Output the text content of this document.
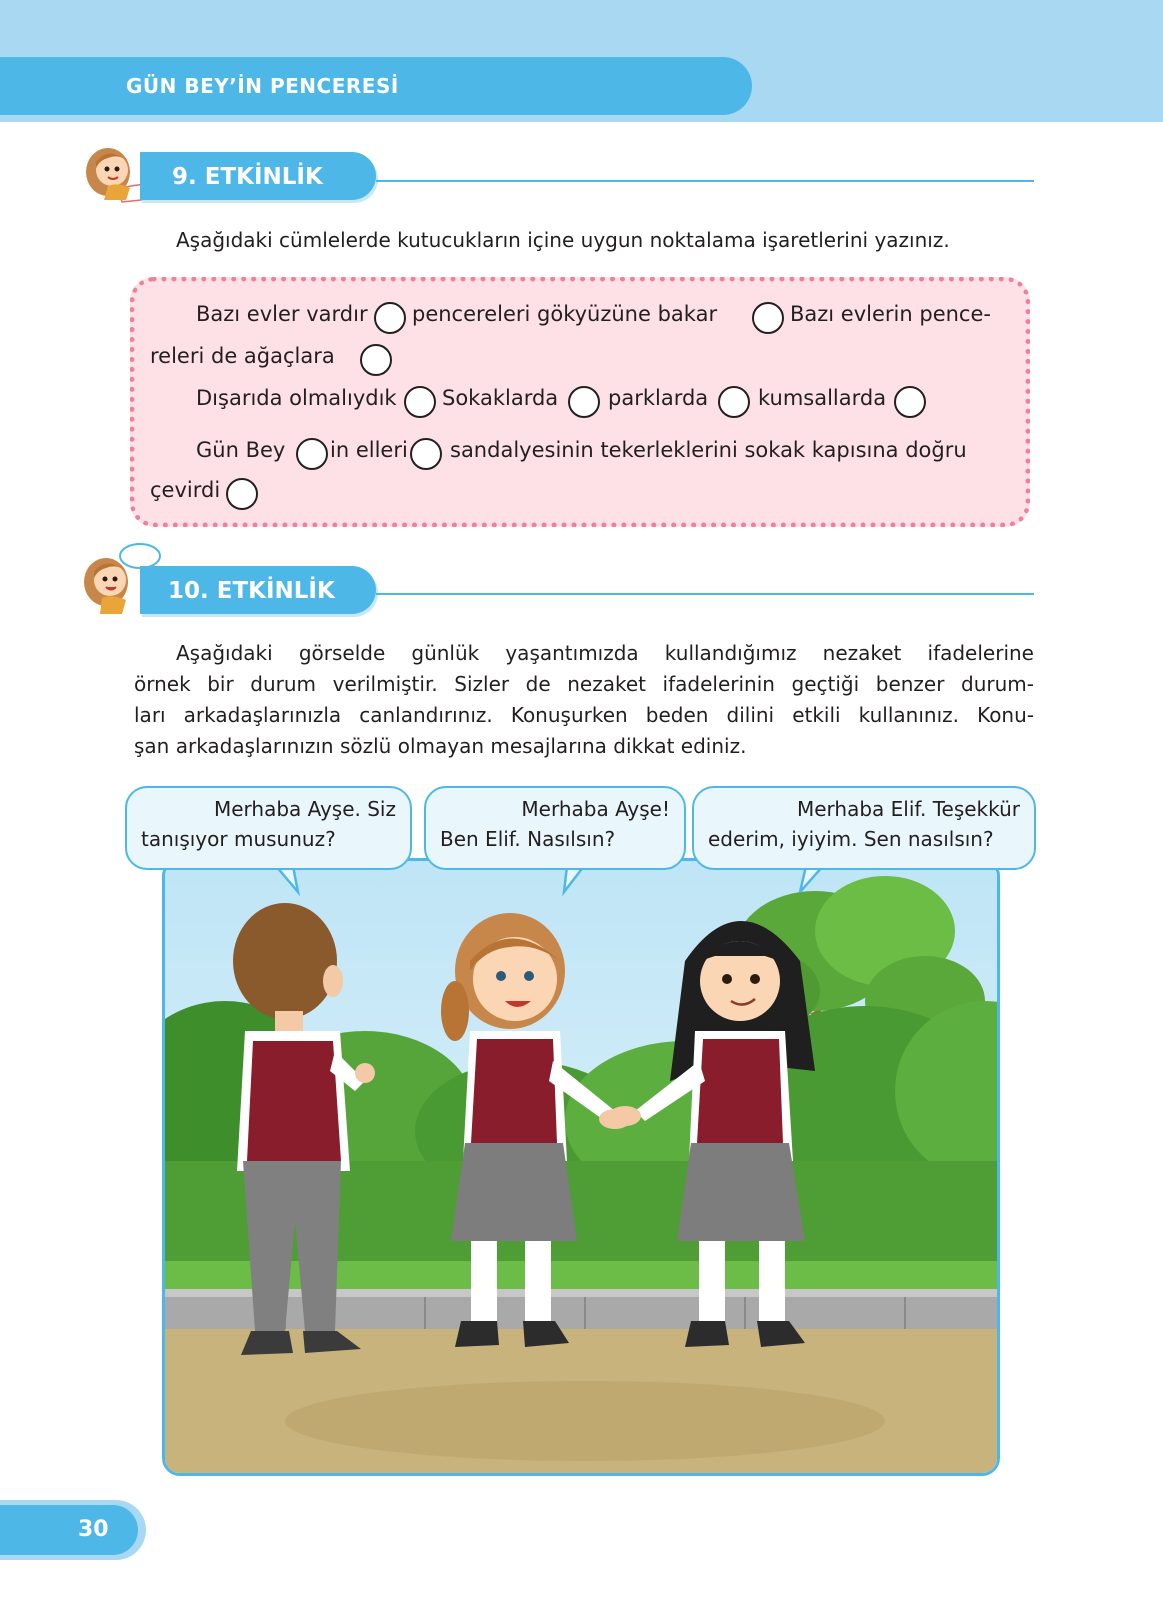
GÜN BEY’İN PENCERESİ
9. ETKİNLİK
Aşağıdaki cümlelerde kutucukların içine uygun noktalama işaretlerini yazınız.
Bazı evler vardır pencereleri gökyüzüne bakar	Bazı evlerin pence-
releri de ağaçlara
Dışarıda olmalıydık Sokaklarda parklarda kumsallarda
Gün Bey in elleri sandalyesinin tekerleklerini sokak kapısına doğru
çevirdi
10. ETKİNLİK
Aşağıdaki görselde günlük yaşantımızda kullandığımız nezaket ifadelerine
örnek bir durum verilmiştir. Sizler de nezaket ifadelerinin geçtiği benzer durum-
ları arkadaşlarınızla canlandırınız. Konuşurken beden dilini etkili kullanınız. Konu-
şan arkadaşlarınızın sözlü olmayan mesajlarına dikkat ediniz.
Merhaba Ayşe. Siz
tanışıyor musunuz?
Merhaba Ayşe!
Ben Elif. Nasılsın?
Merhaba Elif. Teşekkür
ederim, iyiyim. Sen nasılsın?
30
